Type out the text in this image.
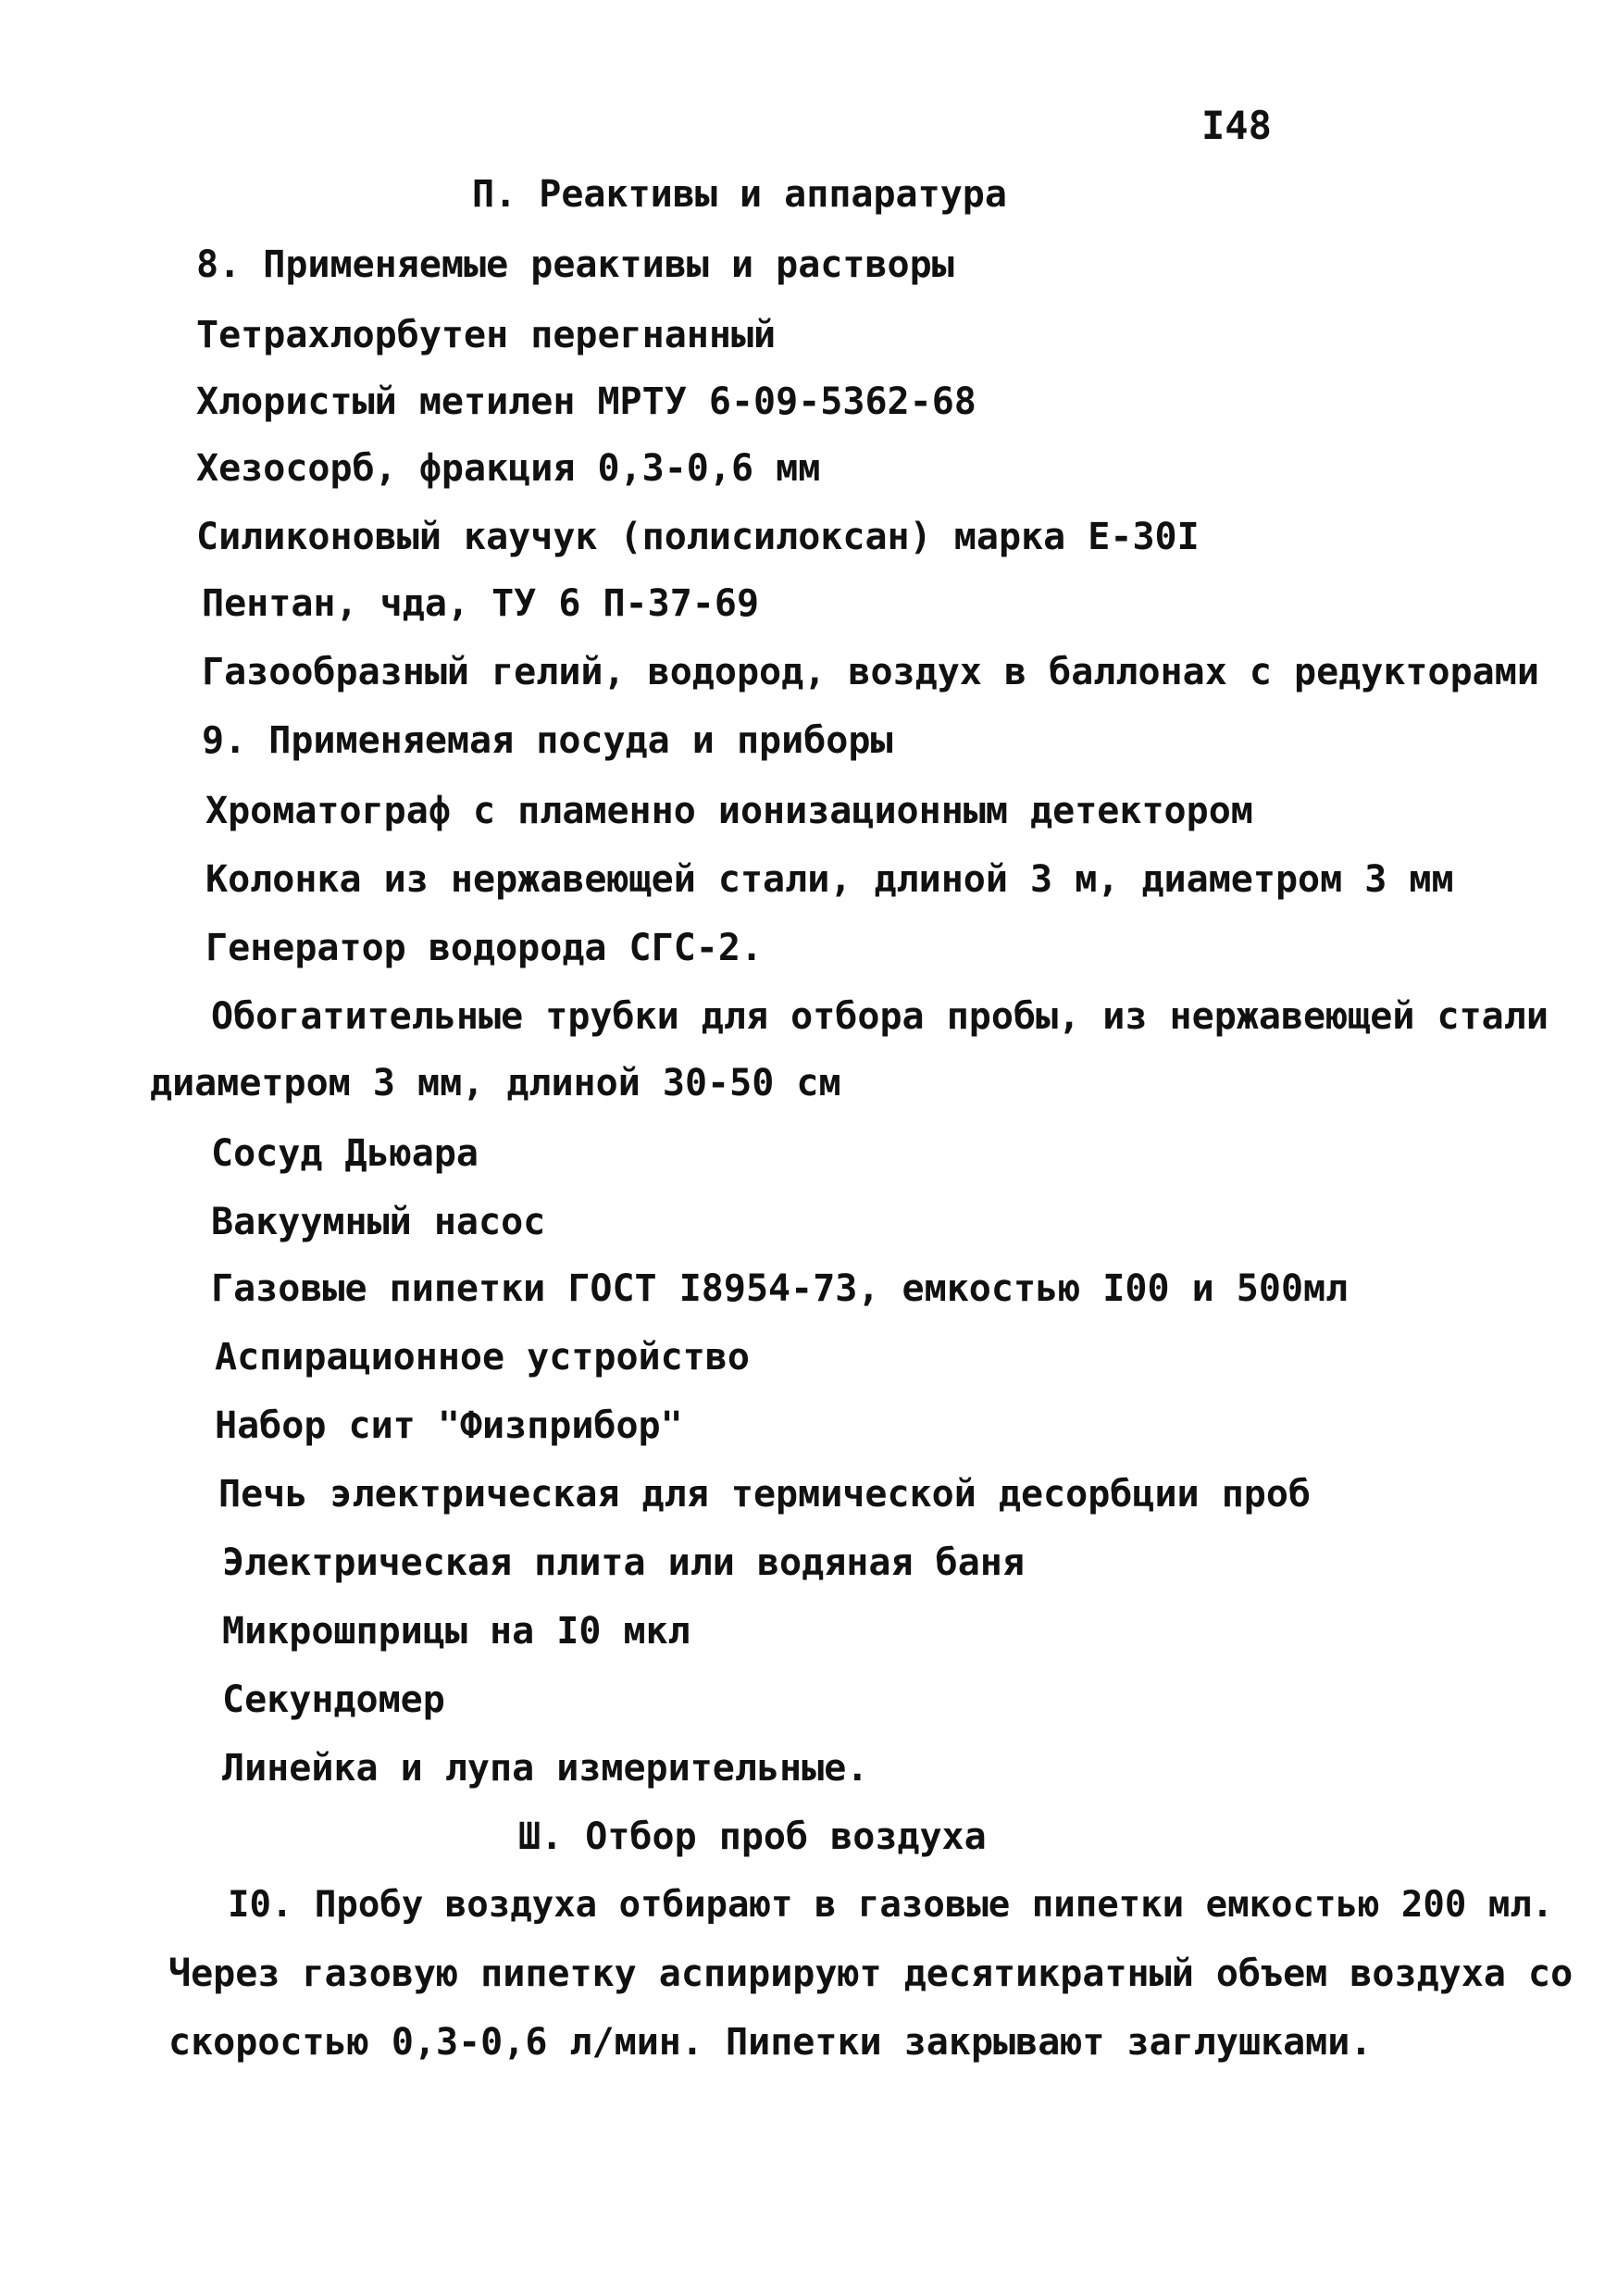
I48
П. Реактивы и аппаратура
8. Применяемые реактивы и растворы
Тетрахлорбутен перегнанный
Хлористый метилен МРТУ 6-09-5362-68
Хезосорб, фракция 0,3-0,6 мм
Силиконовый каучук (полисилоксан) марка Е-30I
Пентан, чда, ТУ 6 П-37-69
Газообразный гелий, водород, воздух в баллонах с редукторами
9. Применяемая посуда и приборы
Хроматограф с пламенно ионизационным детектором
Колонка из нержавеющей стали, длиной 3 м, диаметром 3 мм
Генератор водорода СГС-2.
Обогатительные трубки для отбора пробы, из нержавеющей стали
диаметром 3 мм, длиной 30-50 см
Сосуд Дьюара
Вакуумный насос
Газовые пипетки ГОСТ I8954-73, емкостью I00 и 500мл
Аспирационное устройство
Набор сит "Физприбор"
Печь электрическая для термической десорбции проб
Электрическая плита или водяная баня
Микрошприцы на I0 мкл
Секундомер
Линейка и лупа измерительные.
Ш. Отбор проб воздуха
I0. Пробу воздуха отбирают в газовые пипетки емкостью 200 мл.
Через газовую пипетку аспирируют десятикратный объем воздуха со
скоростью 0,3-0,6 л/мин. Пипетки закрывают заглушками.
